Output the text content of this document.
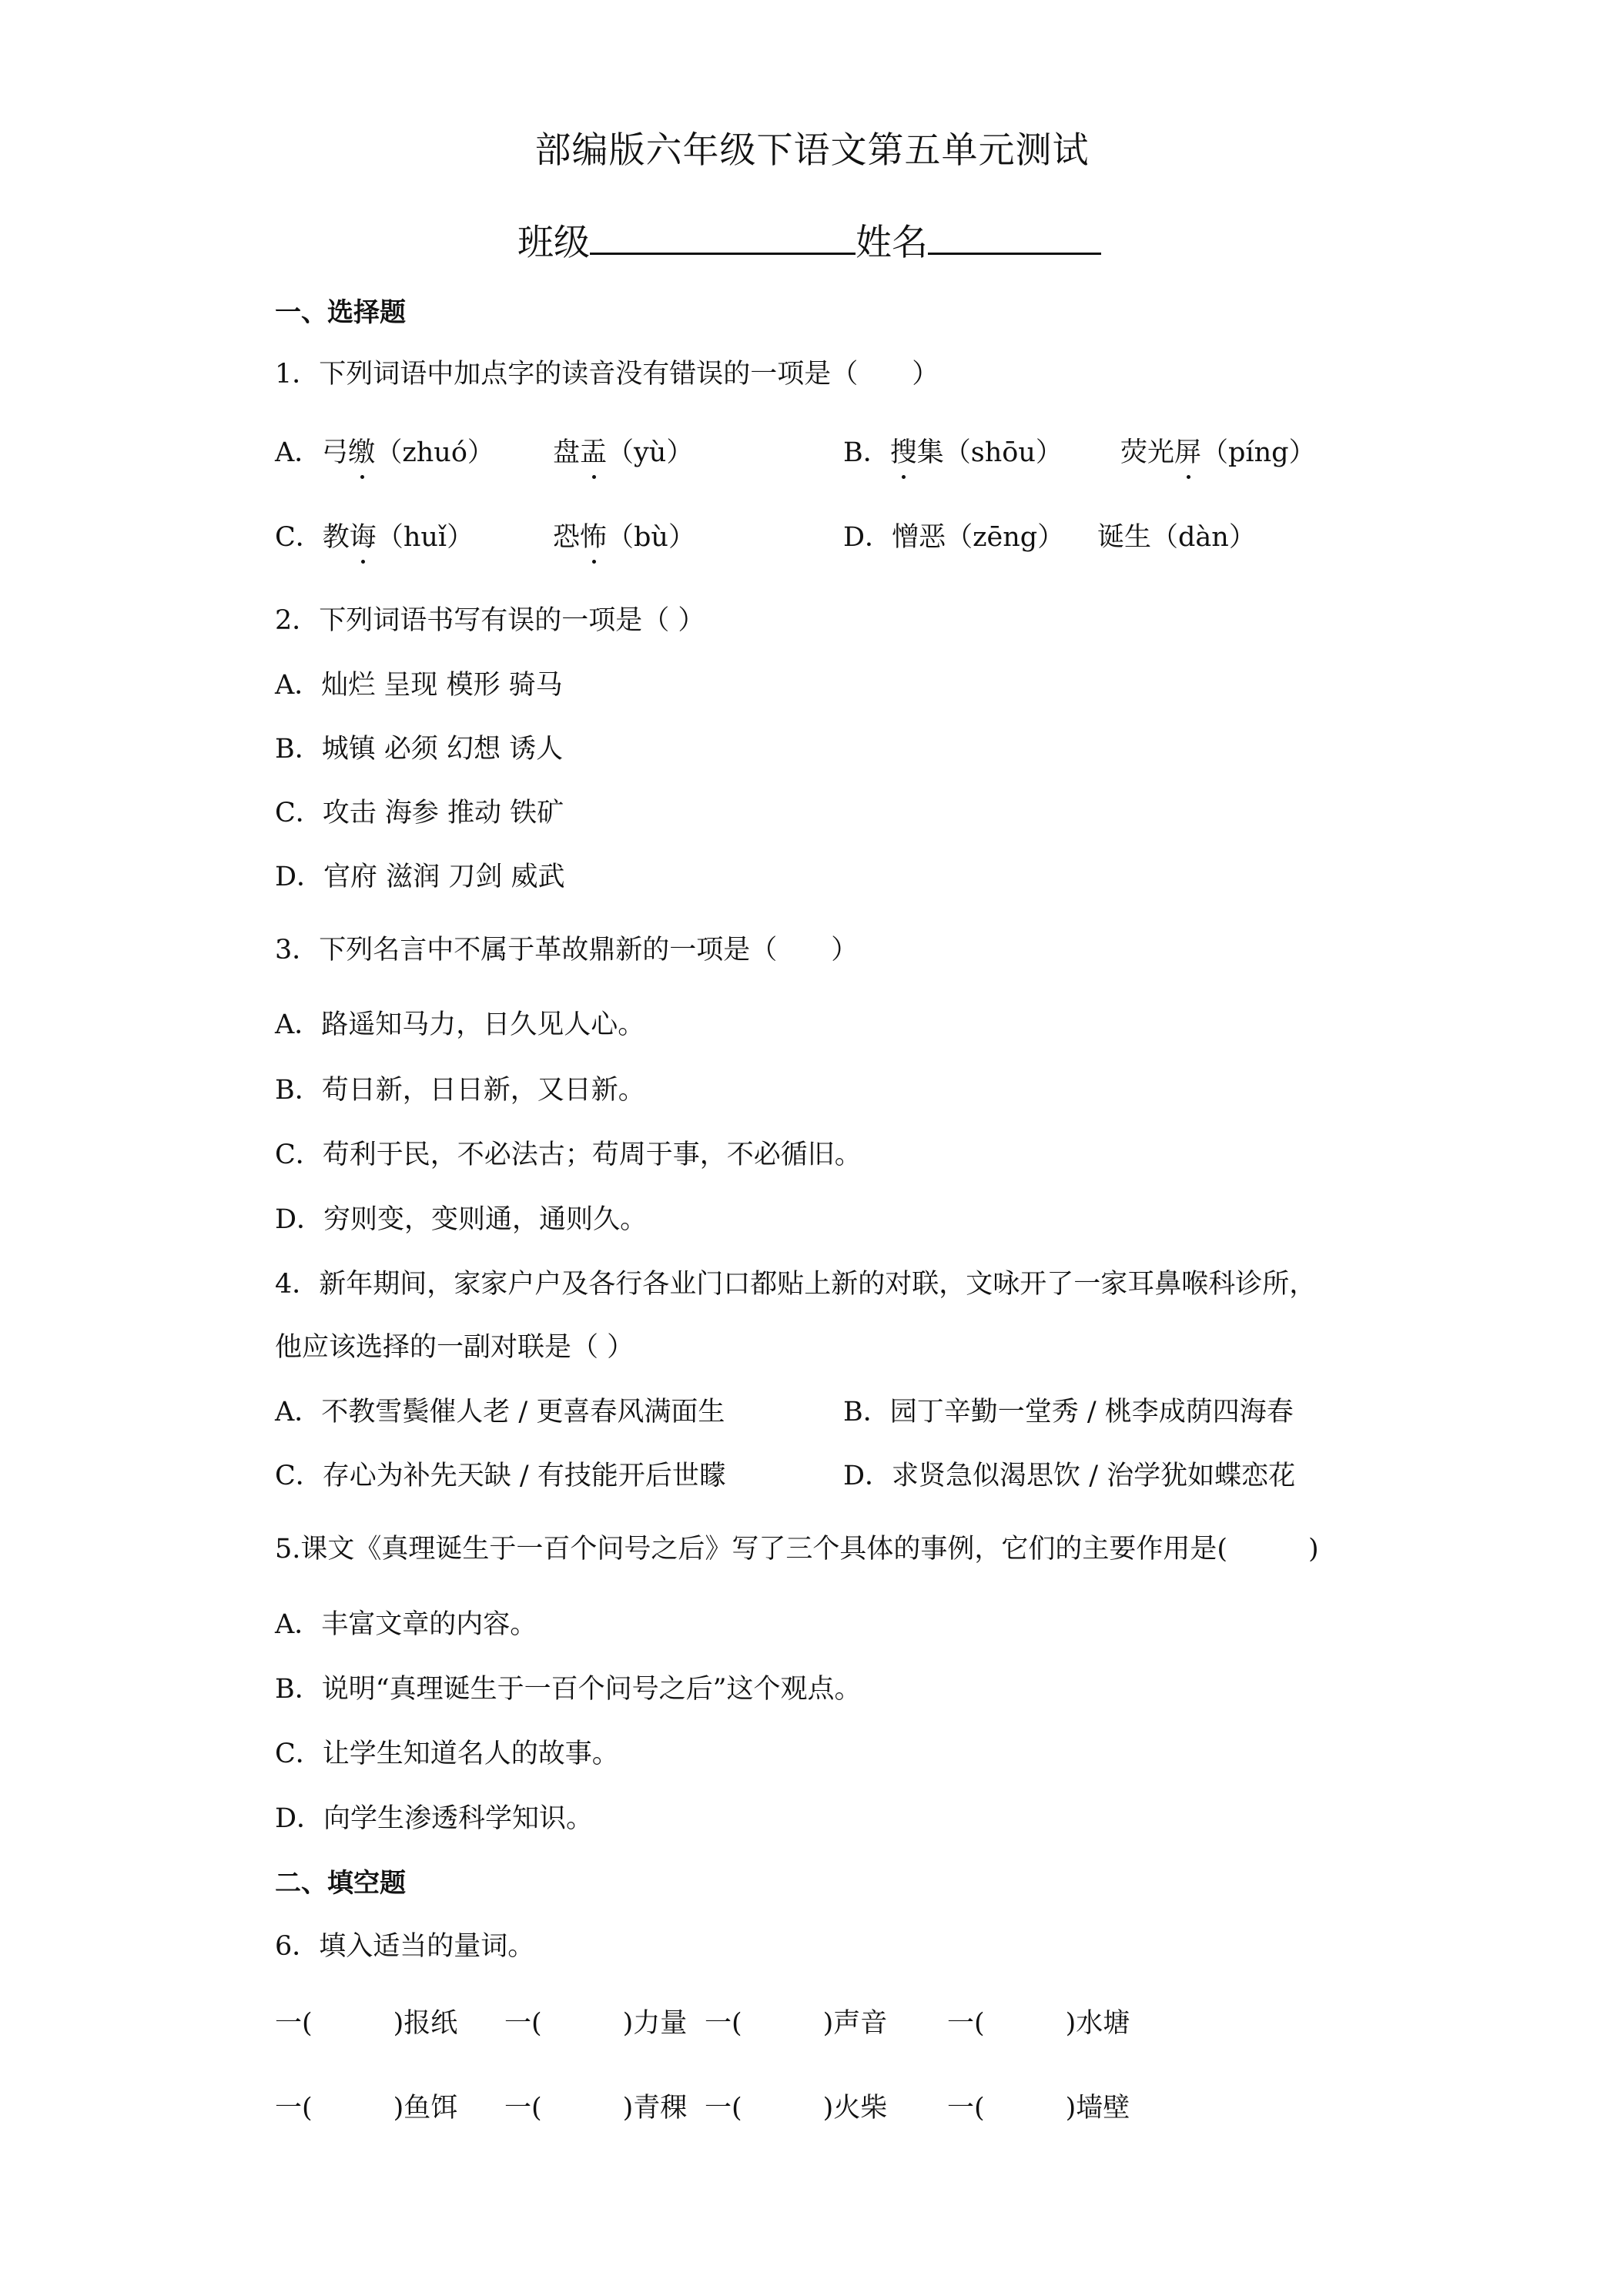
部编版六年级下语文第五单元测试
班级	姓名
一、选择题
1．下列词语中加点字的读音没有错误的一项是（　　）
A．弓缴（zhuó） 盘盂（yù）	B．搜集（shōu） 荧光屏（píng）
C．教诲（huǐ）	恐怖（bù）	D．憎恶（zēng） 诞生（dàn）
2．下列词语书写有误的一项是（ ）
A．灿烂 呈现 模形 骑马
B．城镇 必须 幻想 诱人
C．攻击 海参 推动 铁矿
D．官府 滋润 刀剑 威武
3．下列名言中不属于革故鼎新的一项是（　　）
A．路遥知马力，日久见人心。
B．苟日新，日日新，又日新。
C．苟利于民，不必法古；苟周于事，不必循旧。
D．穷则变，变则通，通则久。
4．新年期间，家家户户及各行各业门口都贴上新的对联，文咏开了一家耳鼻喉科诊所，
他应该选择的一副对联是（ ）
A．不教雪鬓催人老 / 更喜春风满面生	B．园丁辛勤一堂秀 / 桃李成荫四海春
C．存心为补先天缺 / 有技能开后世矇	D．求贤急似渴思饮 / 治学犹如蝶恋花
5.课文《真理诞生于一百个问号之后》写了三个具体的事例，它们的主要作用是(　　　)
A．丰富文章的内容。
B．说明“真理诞生于一百个问号之后”这个观点。
C．让学生知道名人的故事。
D．向学生渗透科学知识。
二、填空题
6．填入适当的量词。
一(　　　)报纸 一(　　　)力量 一(　　　)声音 一(　　　)水塘
一(　　　)鱼饵 一(　　　)青稞 一(　　　)火柴 一(　　　)墙壁
